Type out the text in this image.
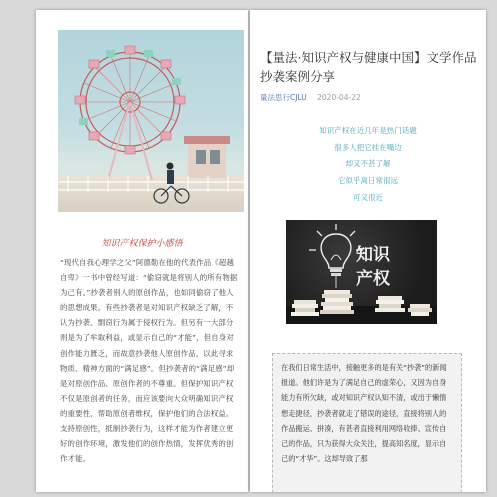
知识产权保护小感悟

“现代自我心理学之父”阿德勒在他的代表作品《超越自卑》一书中曾经写道：“偷窃就是将别人的所有物据为己有。”抄袭者别人的原创作品，也如同偷窃了他人的思想成果。有些抄袭者是对知识产权缺乏了解，不认为抄袭、剽窃行为属于侵权行为。但另有一大部分则是为了牟取利益，或显示自己的“才能”，但自身对创作能力匮乏，而故意抄袭他人原创作品，以此寻求物质、精神方面的“满足感”。但抄袭者的“满足感”却是对原创作品、原创作者的不尊重。但保护知识产权不仅是原创者的任务，而应该要向大众明确知识产权的重要性，帮助原创者维权，保护他们的合法权益。支持原创性，抵制抄袭行为，这样才能为作者建立更好的创作环境，激发他们的创作热情，发挥优秀的创作才能。

【量法·知识产权与健康中国】文学作品抄袭案例分享
量法思行CJLU 2020-04-22
知识产权在近几年是热门话题
很多人把它挂在嘴边
却又不甚了解
它似乎离日常很远
可又很近
知识
产权

在我们日常生活中，接触更多的是有关“抄袭”的新闻报道。他们许是为了满足自己的虚荣心，又因为自身能力有所欠缺，或对知识产权认知不清，或出于懒惰想走捷径，抄袭者就走了错误的途径，直接将别人的作品搬运、拼凑，有甚者直接利用网络收捧、宣传自己的作品，只为获得大众关注，提高知名度，显示自己的“才华”。这却导致了那
